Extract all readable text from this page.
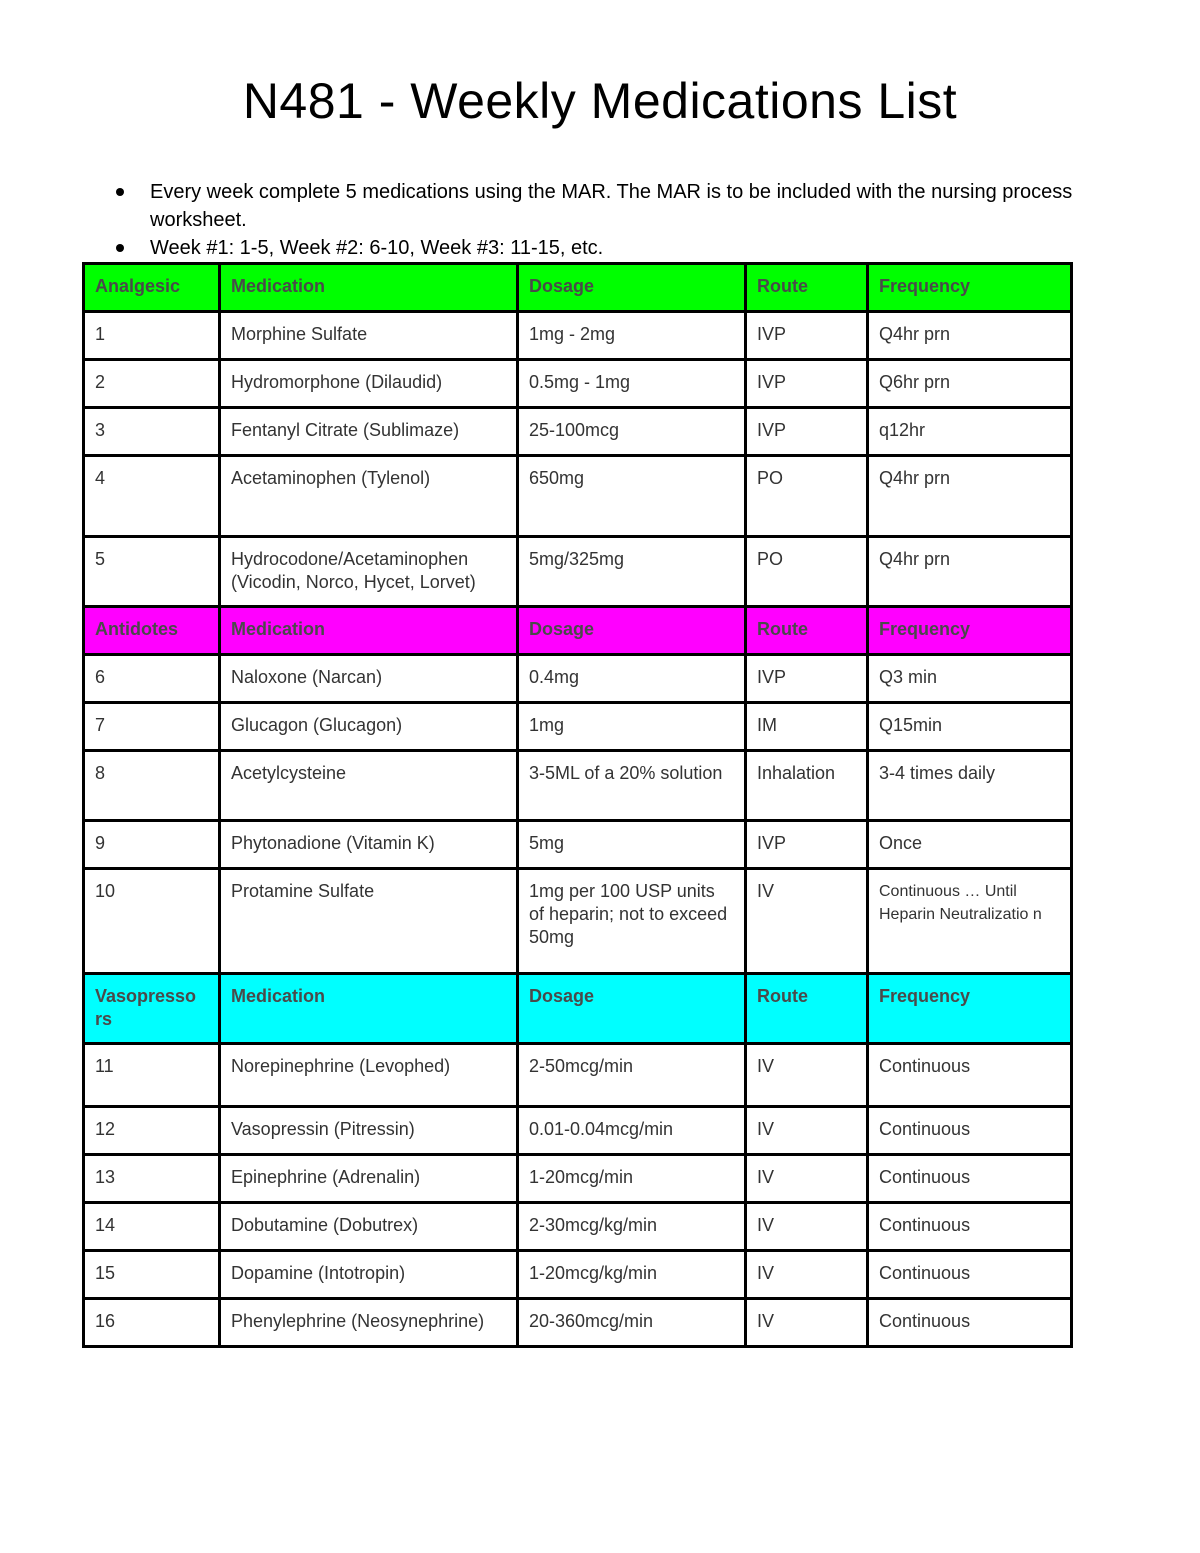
N481 - Weekly Medications List
Every week complete 5 medications using the MAR. The MAR is to be included with the nursing process worksheet.
Week #1: 1-5, Week #2: 6-10, Week #3: 11-15, etc.
Analgesic	Medication	Dosage	Route	Frequency
1	Morphine Sulfate	1mg - 2mg	IVP	Q4hr prn
2	Hydromorphone (Dilaudid)	0.5mg - 1mg	IVP	Q6hr prn
3	Fentanyl Citrate (Sublimaze)	25-100mcg	IVP	q12hr
4	Acetaminophen (Tylenol)	650mg	PO	Q4hr prn
5	Hydrocodone/Acetaminophen (Vicodin, Norco, Hycet, Lorvet)	5mg/325mg	PO	Q4hr prn
Antidotes	Medication	Dosage	Route	Frequency
6	Naloxone (Narcan)	0.4mg	IVP	Q3 min
7	Glucagon (Glucagon)	1mg	IM	Q15min
8	Acetylcysteine	3-5ML of a 20% solution	Inhalation	3-4 times daily
9	Phytonadione (Vitamin K)	5mg	IVP	Once
10	Protamine Sulfate	1mg per 100 USP units of heparin; not to exceed 50mg	IV	Continuous … Until Heparin Neutralizatio n
Vasopresso rs	Medication	Dosage	Route	Frequency
11	Norepinephrine (Levophed)	2-50mcg/min	IV	Continuous
12	Vasopressin (Pitressin)	0.01-0.04mcg/min	IV	Continuous
13	Epinephrine (Adrenalin)	1-20mcg/min	IV	Continuous
14	Dobutamine (Dobutrex)	2-30mcg/kg/min	IV	Continuous
15	Dopamine (Intotropin)	1-20mcg/kg/min	IV	Continuous
16	Phenylephrine (Neosynephrine)	20-360mcg/min	IV	Continuous
